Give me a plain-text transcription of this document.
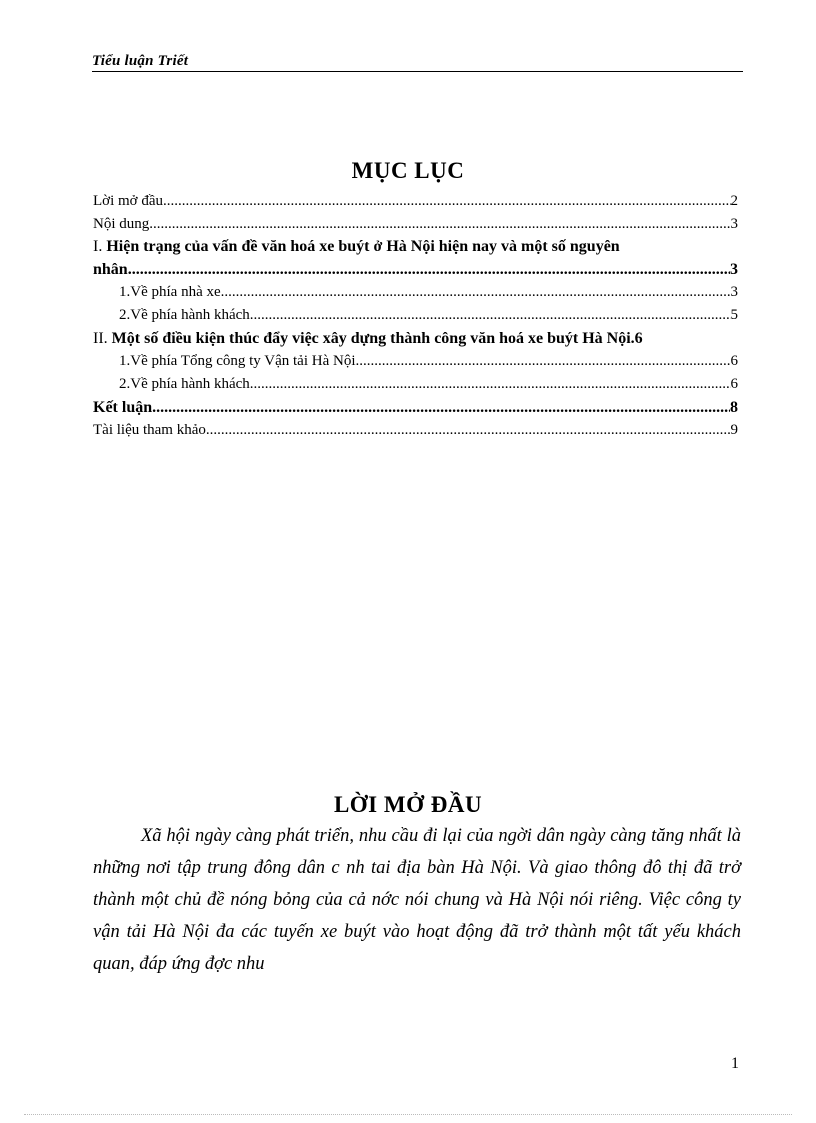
Tiểu luận Triết
MỤC LỤC
Lời mở đầu .....	2
Nội dung. .....	3
I. Hiện trạng của vấn đề văn hoá xe buýt ở Hà Nội hiện nay và một số nguyên
nhân .....	3
1. Về phía nhà xe. .....	3
2. Về phía hành khách. .....	5
II. Một số điều kiện thúc đẩy việc xây dựng thành công văn hoá xe buýt Hà Nội. 6
1. Về phía Tổng công ty Vận tải Hà Nội. .....	6
2. Về phía hành khách. .....	6
Kết luận. .....	8
Tài liệu tham khảo .....	9
LỜI MỞ ĐẦU

Xã hội ngày càng phát triển, nhu cầu đi lại của ngời dân ngày càng tăng nhất là những nơi tập trung đông dân c nh tai địa bàn Hà Nội. Và giao thông đô thị đã trở thành một chủ đề nóng bỏng của cả nớc nói chung và Hà Nội nói riêng. Việc công ty vận tải Hà Nội đa các tuyến xe buýt vào hoạt động đã trở thành một tất yếu khách quan, đáp ứng đợc nhu

1
